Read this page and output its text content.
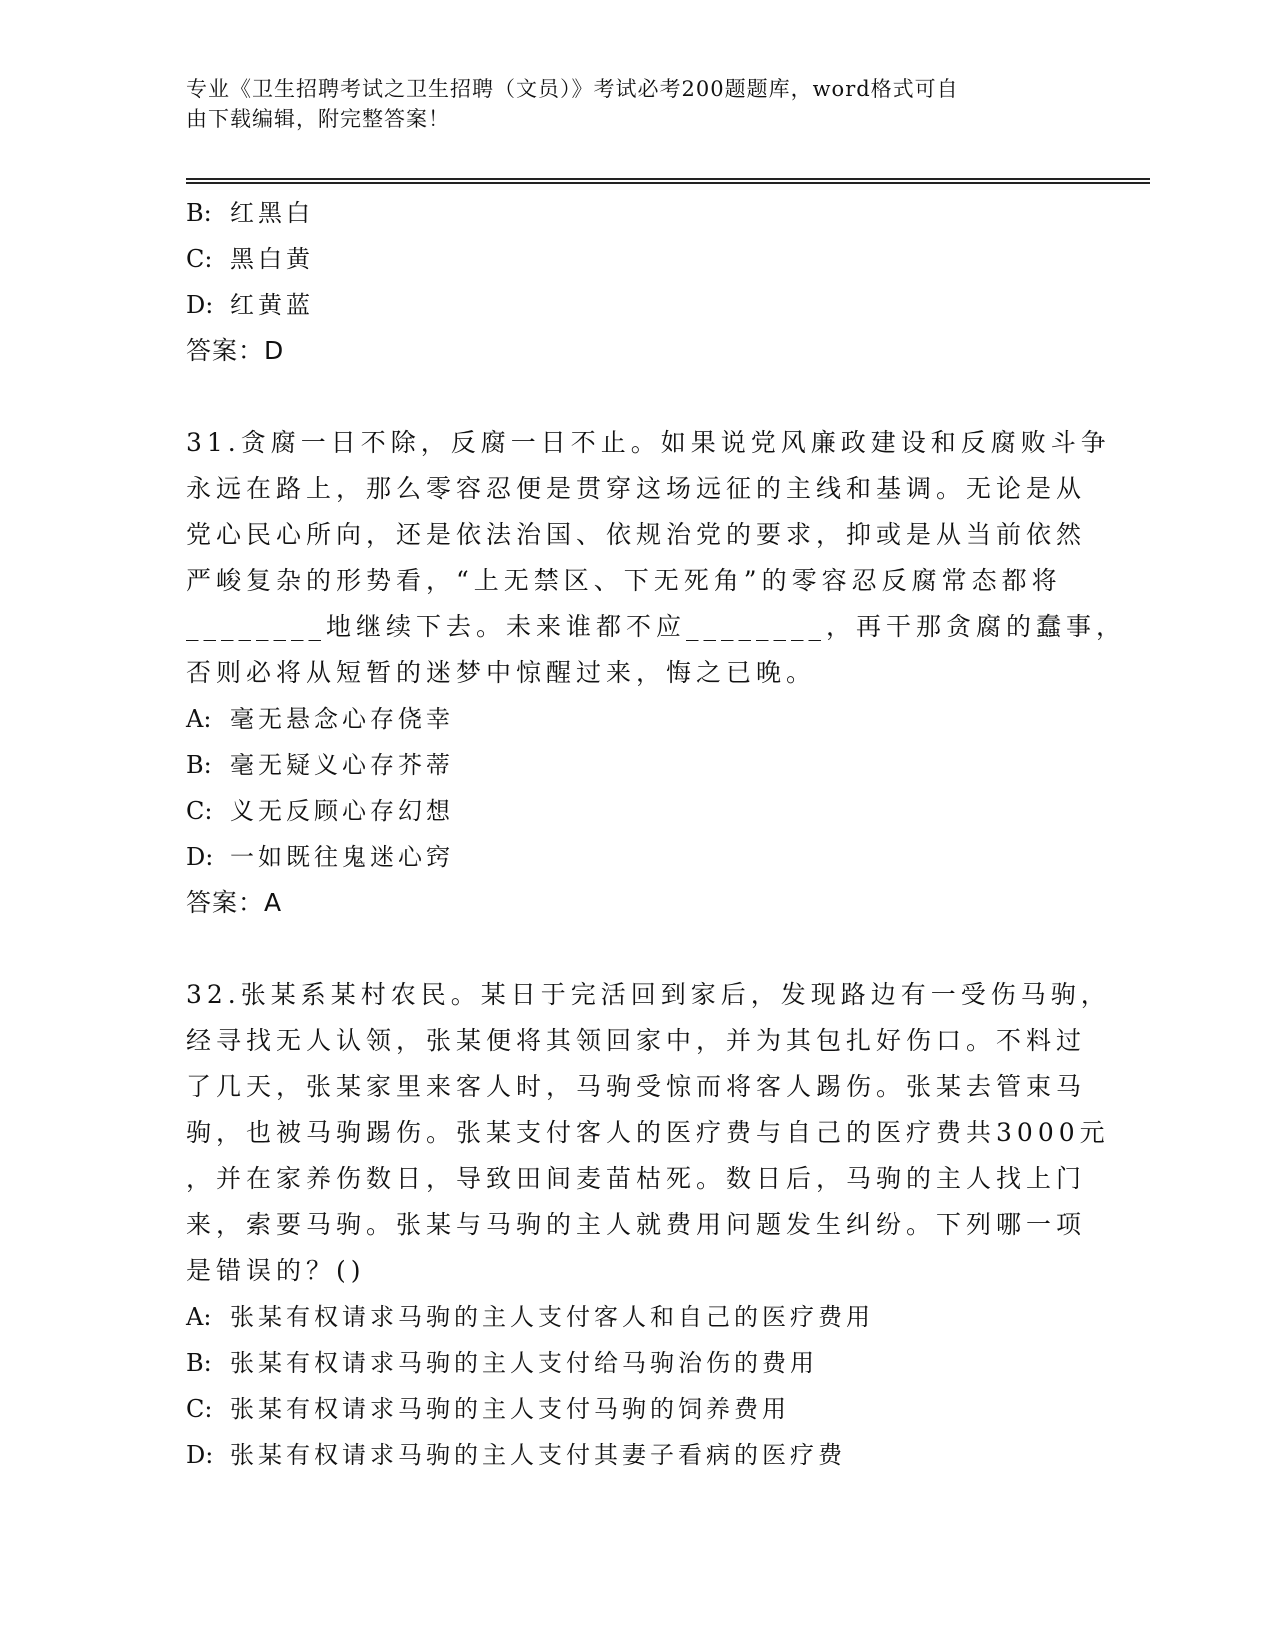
专业《卫生招聘考试之卫生招聘（文员）》考试必考200题题库，word格式可自
由下载编辑，附完整答案！
B: 红黑白
C: 黑白黄
D: 红黄蓝
答案：D
31.贪腐一日不除，反腐一日不止。如果说党风廉政建设和反腐败斗争
永远在路上，那么零容忍便是贯穿这场远征的主线和基调。无论是从
党心民心所向，还是依法治国、依规治党的要求，抑或是从当前依然
严峻复杂的形势看，“上无禁区、下无死角”的零容忍反腐常态都将
________地继续下去。未来谁都不应________，再干那贪腐的蠢事，
否则必将从短暂的迷梦中惊醒过来，悔之已晚。
A: 毫无悬念心存侥幸
B: 毫无疑义心存芥蒂
C: 义无反顾心存幻想
D: 一如既往鬼迷心窍
答案：A
32.张某系某村农民。某日于完活回到家后，发现路边有一受伤马驹，
经寻找无人认领，张某便将其领回家中，并为其包扎好伤口。不料过
了几天，张某家里来客人时，马驹受惊而将客人踢伤。张某去管束马
驹，也被马驹踢伤。张某支付客人的医疗费与自己的医疗费共3000元
，并在家养伤数日，导致田间麦苗枯死。数日后，马驹的主人找上门
来，索要马驹。张某与马驹的主人就费用问题发生纠纷。下列哪一项
是错误的？()
A: 张某有权请求马驹的主人支付客人和自己的医疗费用
B: 张某有权请求马驹的主人支付给马驹治伤的费用
C: 张某有权请求马驹的主人支付马驹的饲养费用
D: 张某有权请求马驹的主人支付其妻子看病的医疗费
